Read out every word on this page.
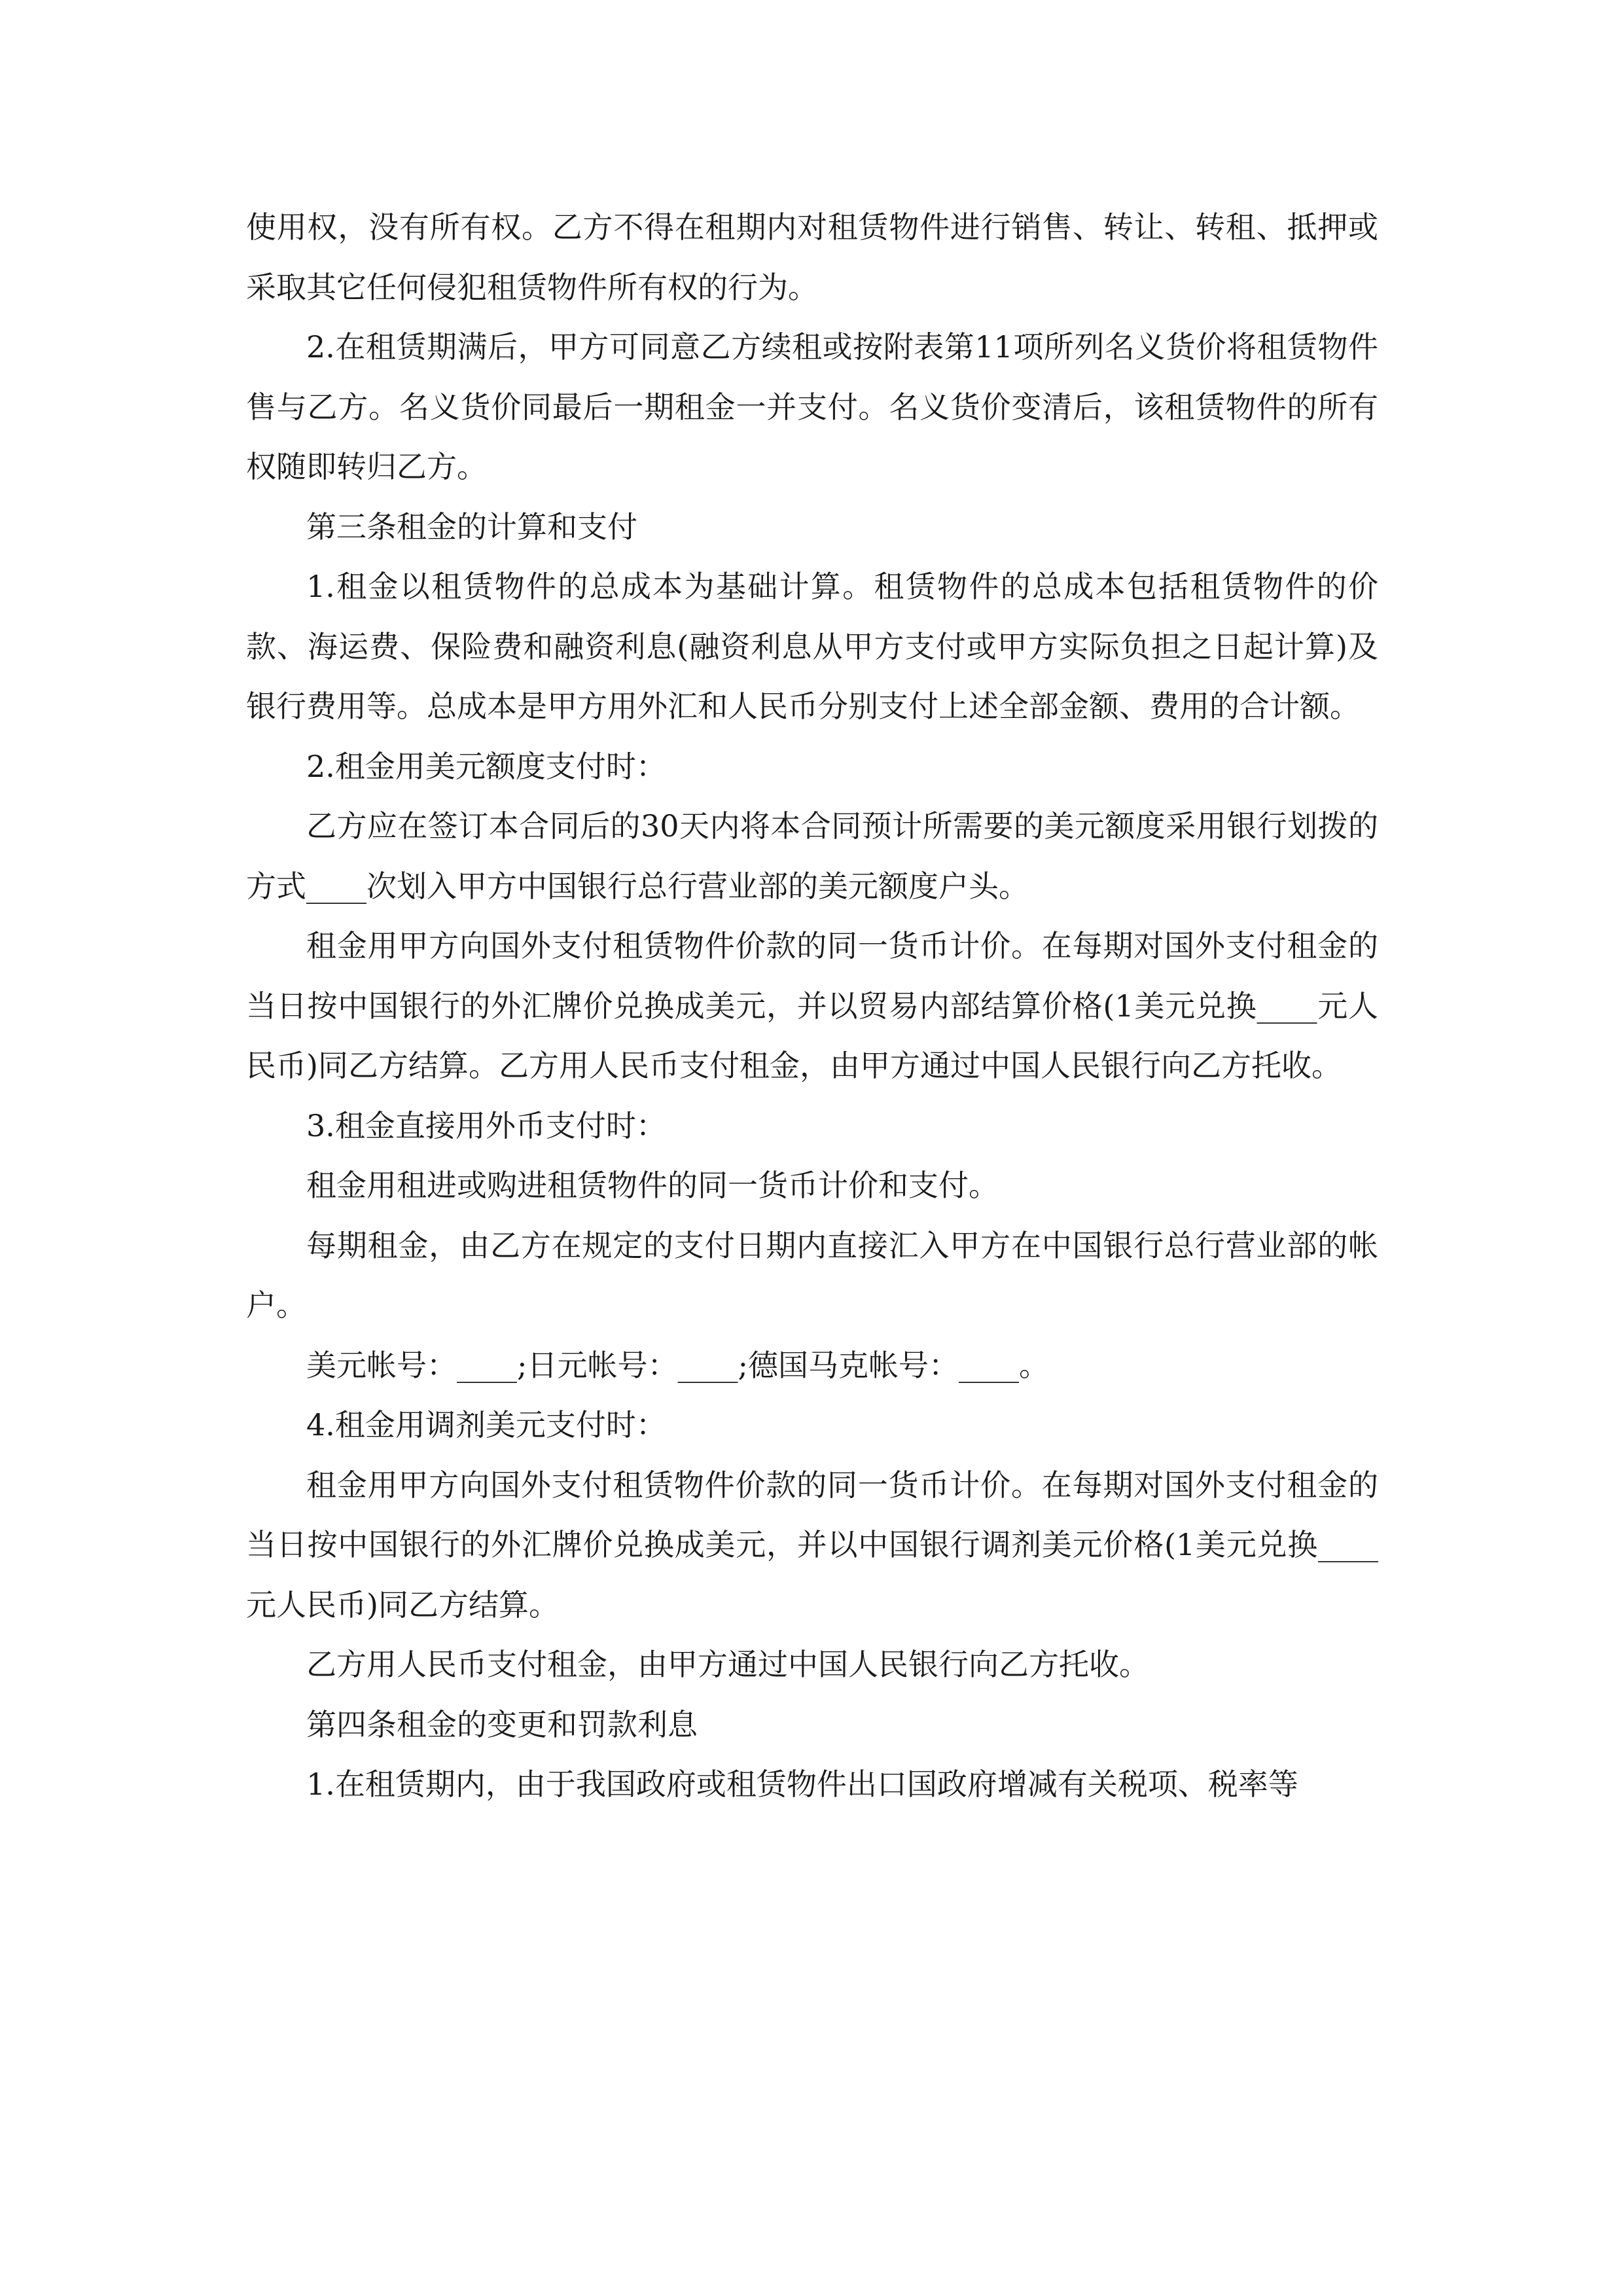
使用权，没有所有权。乙方不得在租期内对租赁物件进行销售、转让、转租、抵押或采取其它任何侵犯租赁物件所有权的行为。

2.在租赁期满后，甲方可同意乙方续租或按附表第11项所列名义货价将租赁物件售与乙方。名义货价同最后一期租金一并支付。名义货价变清后，该租赁物件的所有权随即转归乙方。

第三条租金的计算和支付

1.租金以租赁物件的总成本为基础计算。租赁物件的总成本包括租赁物件的价款、海运费、保险费和融资利息(融资利息从甲方支付或甲方实际负担之日起计算)及银行费用等。总成本是甲方用外汇和人民币分别支付上述全部金额、费用的合计额。

2.租金用美元额度支付时：

乙方应在签订本合同后的30天内将本合同预计所需要的美元额度采用银行划拨的方式____次划入甲方中国银行总行营业部的美元额度户头。

租金用甲方向国外支付租赁物件价款的同一货币计价。在每期对国外支付租金的当日按中国银行的外汇牌价兑换成美元，并以贸易内部结算价格(1美元兑换____元人民币)同乙方结算。乙方用人民币支付租金，由甲方通过中国人民银行向乙方托收。

3.租金直接用外币支付时：

租金用租进或购进租赁物件的同一货币计价和支付。

每期租金，由乙方在规定的支付日期内直接汇入甲方在中国银行总行营业部的帐户。

美元帐号：____;日元帐号：____;德国马克帐号：____。

4.租金用调剂美元支付时：

租金用甲方向国外支付租赁物件价款的同一货币计价。在每期对国外支付租金的当日按中国银行的外汇牌价兑换成美元，并以中国银行调剂美元价格(1美元兑换____元人民币)同乙方结算。

乙方用人民币支付租金，由甲方通过中国人民银行向乙方托收。

第四条租金的变更和罚款利息

1.在租赁期内，由于我国政府或租赁物件出口国政府增减有关税项、税率等
